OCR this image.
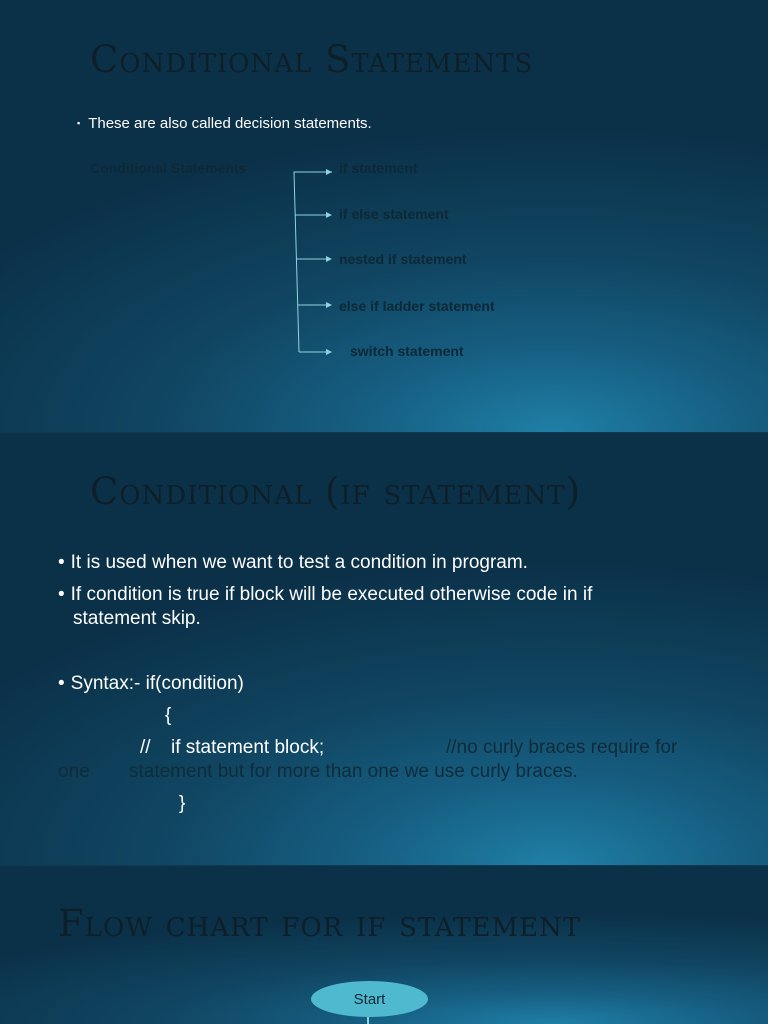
Conditional Statements
▪ These are also called decision statements.
Conditional Statements	if statement
if else statement
nested if statement
else if ladder statement
switch statement
Conditional (if statement)
• It is used when we want to test a condition in program.
• If condition is true if block will be executed otherwise code in if
statement skip.
• Syntax:- if(condition)
{
// if statement block;	//no curly braces require for
one statement but for more than one we use curly braces.
}
Flow chart for if statement
Start
